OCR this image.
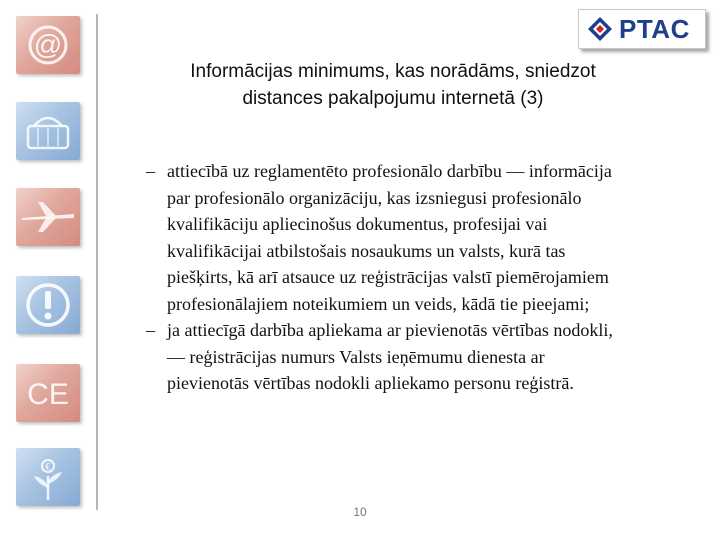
@
CE
€
PTAC
Informācijas minimums, kas norādāms, sniedzot
distances pakalpojumu internetā (3)
– attiecībā uz reglamentēto profesionālo darbību — informācija
par profesionālo organizāciju, kas izsniegusi profesionālo
kvalifikāciju apliecinošus dokumentus, profesijai vai
kvalifikācijai atbilstošais nosaukums un valsts, kurā tas
piešķirts, kā arī atsauce uz reģistrācijas valstī piemērojamiem
profesionālajiem noteikumiem un veids, kādā tie pieejami;
– ja attiecīgā darbība apliekama ar pievienotās vērtības nodokli,
— reģistrācijas numurs Valsts ieņēmumu dienesta ar
pievienotās vērtības nodokli apliekamo personu reģistrā.
10
